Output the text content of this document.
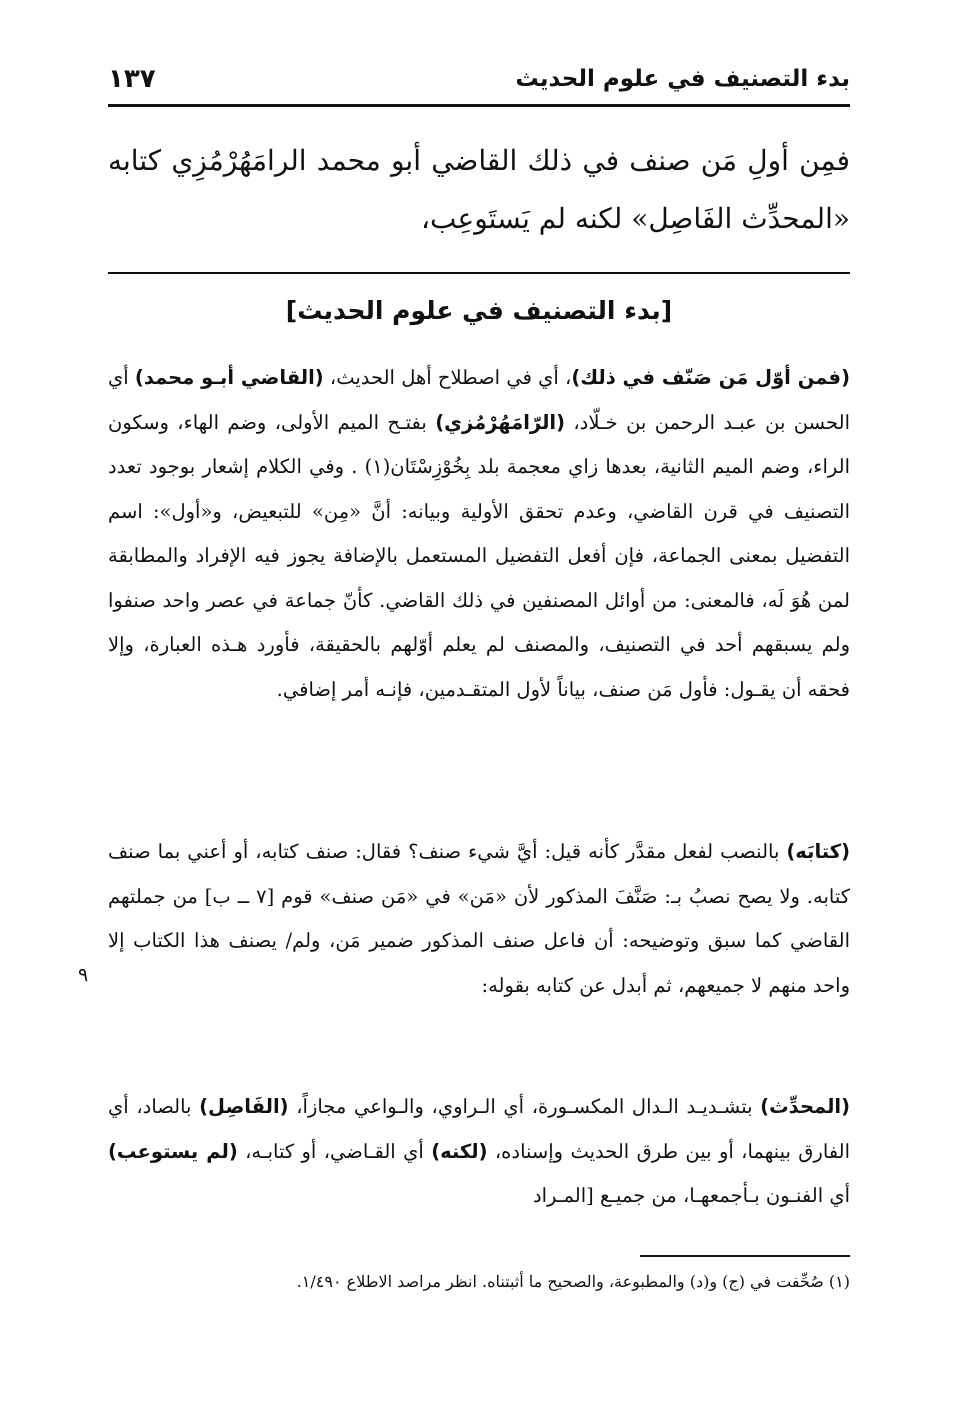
بدء التصنيف في علوم الحديث
١٣٧
فمِن أولِ مَن صنف في ذلك القاضي أبو محمد الرامَهُرْمُزِي كتابه «المحدِّث الفَاصِل» لكنه لم يَستَوعِب،
[بدء التصنيف في علوم الحديث]
(فمن أوّل مَن صَنّف في ذلك)، أي في اصطلاح أهل الحديث، (القاضي أبـو محمد) أي الحسن بن عبـد الرحمن بن خـلّاد، (الرّامَهُرْمُزي) بفتـح الميم الأولى، وضم الهاء، وسكون الراء، وضم الميم الثانية، بعدها زاي معجمة بلد بِخُوْزِسْتَان(١) . وفي الكلام إشعار بوجود تعدد التصنيف في قرن القاضي، وعدم تحقق الأولية وبيانه: أنَّ «مِن» للتبعيض، و«أول»: اسم التفضيل بمعنى الجماعة، فإن أفعل التفضيل المستعمل بالإضافة يجوز فيه الإفراد والمطابقة لمن هُوَ لَه، فالمعنى: من أوائل المصنفين في ذلك القاضي. كأنّ جماعة في عصر واحد صنفوا ولم يسبقهم أحد في التصنيف، والمصنف لم يعلم أوّلهم بالحقيقة، فأورد هـذه العبارة، وإلا فحقه أن يقـول: فأول مَن صنف، بياناً لأول المتقـدمين، فإنـه أمر إضافي.
(كتابَه) بالنصب لفعل مقدَّر كأنه قيل: أيَّ شيء صنف؟ فقال: صنف كتابه، أو أعني بما صنف كتابه. ولا يصح نصبُ بـ: صَنَّفَ المذكور لأن «مَن» في «مَن صنف» قوم [٧ ــ ب] من جملتهم القاضي كما سبق وتوضيحه: أن فاعل صنف المذكور ضمير مَن، ولم/ يصنف هذا الكتاب إلا واحد منهم لا جميعهم، ثم أبدل عن كتابه بقوله:
٩
(المحدِّث) بتشـديـد الـدال المكسـورة، أي الـراوي، والـواعي مجازاً، (الفَاصِل) بالصاد، أي الفارق بينهما، أو بين طرق الحديث وإسناده، (لكنه) أي القـاضي، أو كتابـه، (لم يستوعب) أي الفنـون بـأجمعهـا، من جميـع [المـراد
(١) صُحِّفت في (ج) و(د) والمطبوعة، والصحيح ما أثبتناه. انظر مراصد الاطلاع ١/٤٩٠.
